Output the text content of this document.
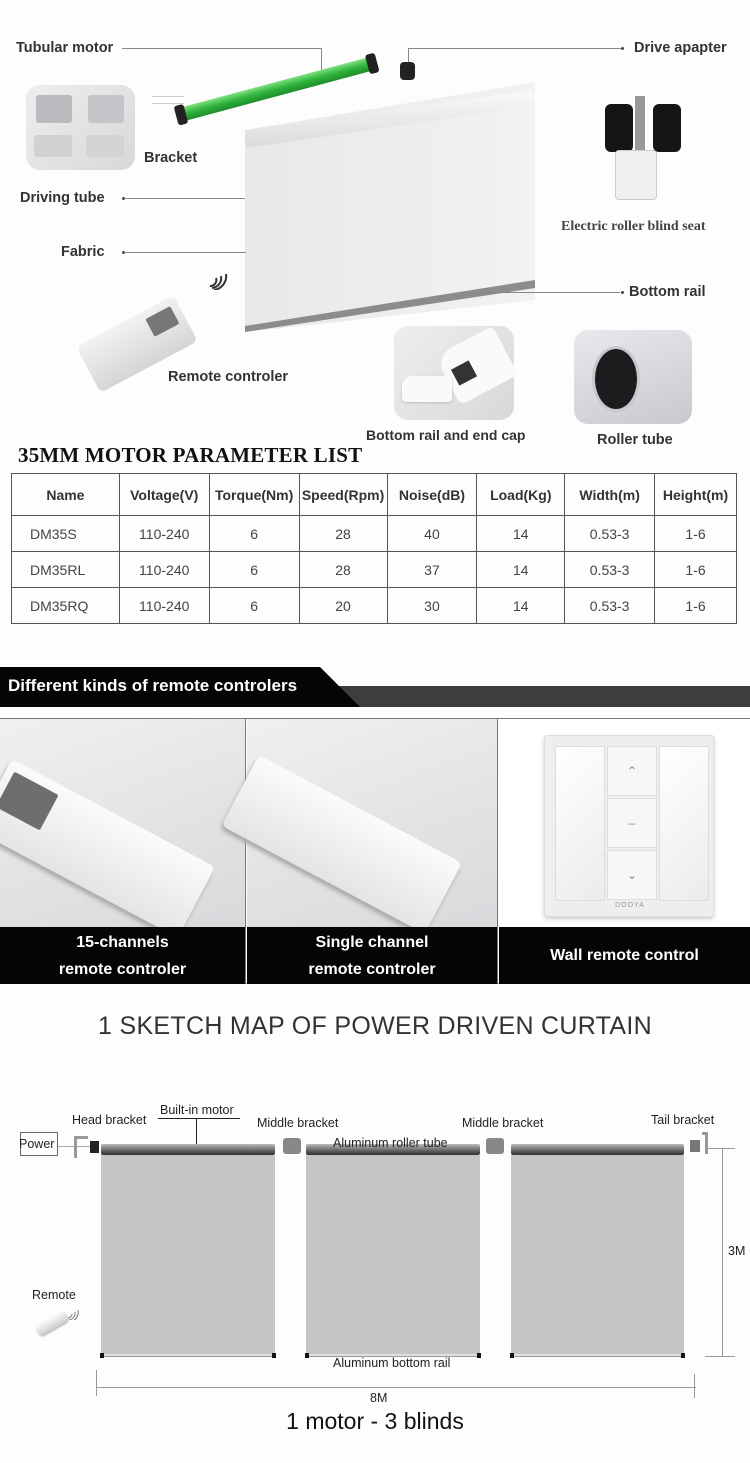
Tubular motor	Drive apapter
Bracket
Driving tube
Fabric
Remote controler
Electric roller blind seat
Bottom rail
Bottom rail and end cap	Roller tube
35MM MOTOR PARAMETER LIST
Name	Voltage(V)	Torque(Nm)	Speed(Rpm)	Noise(dB)	Load(Kg)	Width(m)	Height(m)
DM35S	110-240	6	28	40	14	0.53-3	1-6
DM35RL	110-240	6	28	37	14	0.53-3	1-6
DM35RQ	110-240	6	20	30	14	0.53-3	1-6
Different kinds of remote controlers
15-channels
remote controler
Single channel
remote controler
⌃
–
⌄
DOOYA
Wall remote control
1 SKETCH MAP OF POWER DRIVEN CURTAIN
Power
Head bracket
Built-in motor
Middle bracket	Middle bracket	Tail bracket
Aluminum roller tube
Aluminum bottom rail
3M
8M
Remote
1 motor - 3 blinds
